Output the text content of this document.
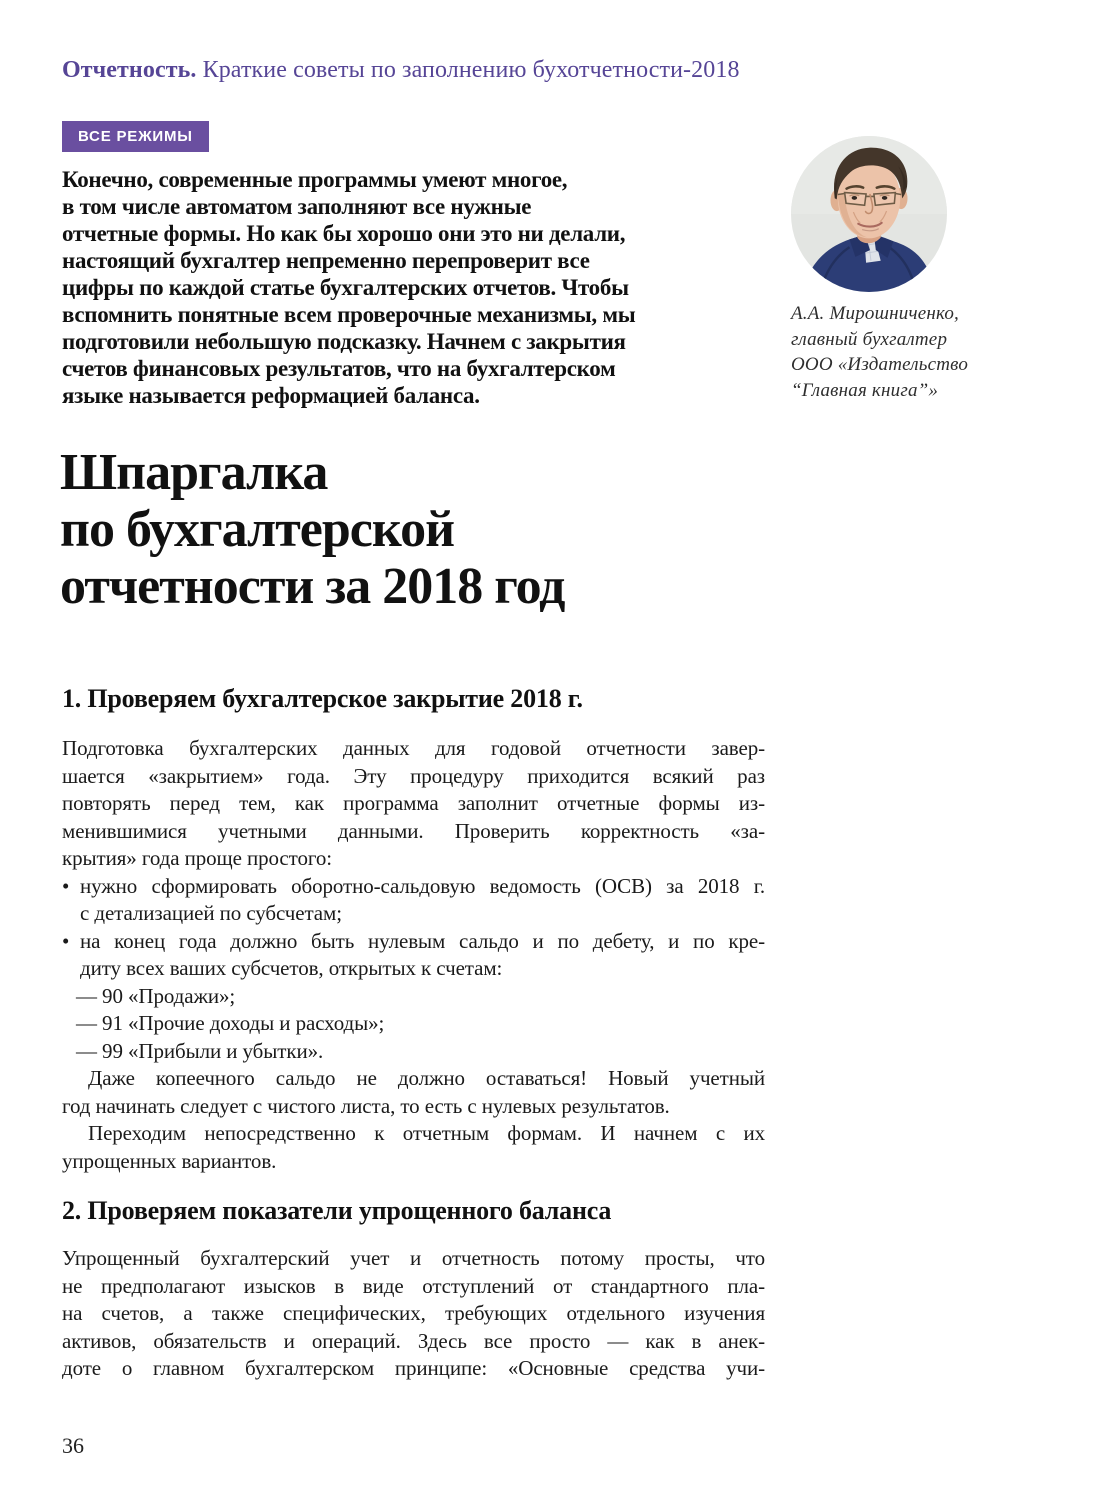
Отчетность. Краткие советы по заполнению бухотчетности-2018
ВСЕ РЕЖИМЫ
Конечно, современные программы умеют многое,
в том числе автоматом заполняют все нужные
отчетные формы. Но как бы хорошо они это ни делали,
настоящий бухгалтер непременно перепроверит все
цифры по каждой статье бухгалтерских отчетов. Чтобы
вспомнить понятные всем проверочные механизмы, мы
подготовили небольшую подсказку. Начнем с закрытия
счетов финансовых результатов, что на бухгалтерском
языке называется реформацией баланса.
А.А. Мирошниченко,
главный бухгалтер
ООО «Издательство
“Главная книга”»
Шпаргалка
по бухгалтерской
отчетности за 2018 год
1. Проверяем бухгалтерское закрытие 2018 г.
Подготовка бухгалтерских данных для годовой отчетности завер-
шается «закрытием» года. Эту процедуру приходится всякий раз
повторять перед тем, как программа заполнит отчетные формы из-
менившимися учетными данными. Проверить корректность «за-
крытия» года проще простого:
• нужно сформировать оборотно-сальдовую ведомость (ОСВ) за 2018 г.
с детализацией по субсчетам;
• на конец года должно быть нулевым сальдо и по дебету, и по кре-
диту всех ваших субсчетов, открытых к счетам:
— 90 «Продажи»;
— 91 «Прочие доходы и расходы»;
— 99 «Прибыли и убытки».
Даже копеечного сальдо не должно оставаться! Новый учетный
год начинать следует с чистого листа, то есть с нулевых результатов.
Переходим непосредственно к отчетным формам. И начнем с их
упрощенных вариантов.
2. Проверяем показатели упрощенного баланса
Упрощенный бухгалтерский учет и отчетность потому просты, что
не предполагают изысков в виде отступлений от стандартного пла-
на счетов, а также специфических, требующих отдельного изучения
активов, обязательств и операций. Здесь все просто — как в анек-
доте о главном бухгалтерском принципе: «Основные средства учи-
36
